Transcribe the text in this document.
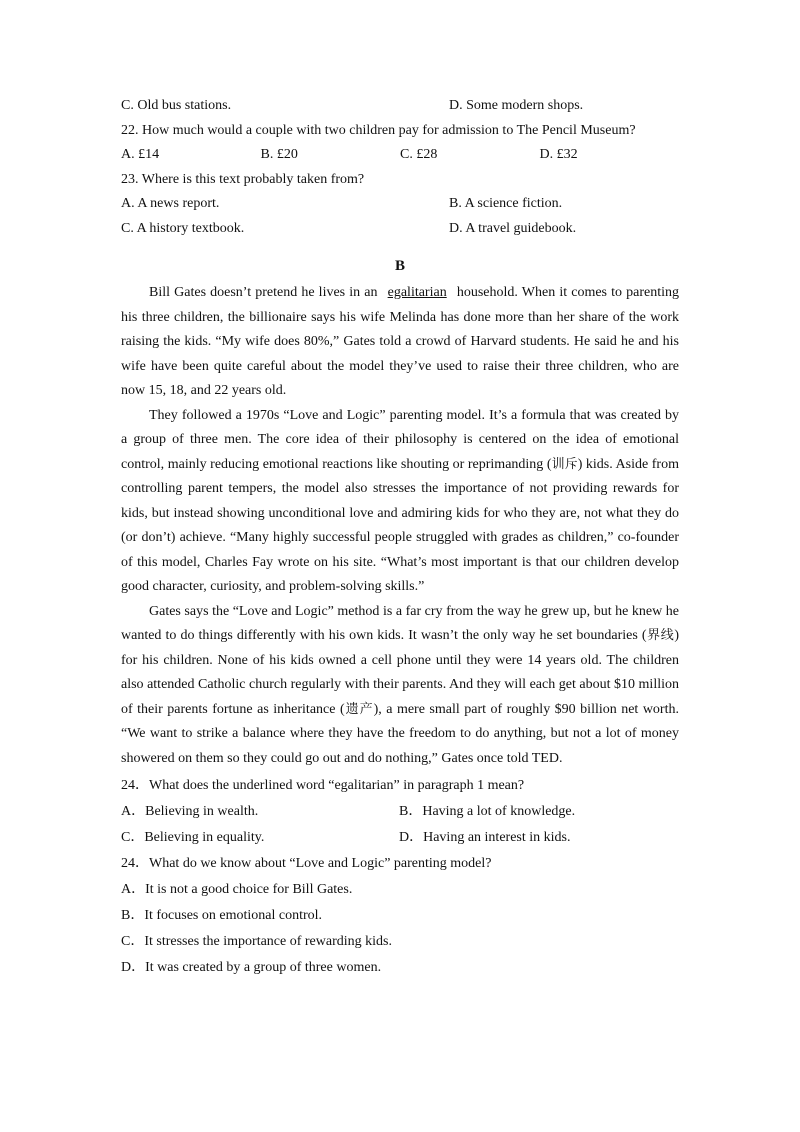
C. Old bus stations.	D. Some modern shops.
22. How much would a couple with two children pay for admission to The Pencil Museum?
A. £14	B. £20	C. £28	D. £32
23. Where is this text probably taken from?
A. A news report.	B. A science fiction.
C. A history textbook.	D. A travel guidebook.
B

Bill Gates doesn’t pretend he lives in an egalitarian household. When it comes to parenting his three children, the billionaire says his wife Melinda has done more than her share of the work raising the kids. “My wife does 80%,” Gates told a crowd of Harvard students. He said he and his wife have been quite careful about the model they’ve used to raise their three children, who are now 15, 18, and 22 years old.

They followed a 1970s “Love and Logic” parenting model. It’s a formula that was created by a group of three men. The core idea of their philosophy is centered on the idea of emotional control, mainly reducing emotional reactions like shouting or reprimanding (训斥) kids. Aside from controlling parent tempers, the model also stresses the importance of not providing rewards for kids, but instead showing unconditional love and admiring kids for who they are, not what they do (or don’t) achieve. “Many highly successful people struggled with grades as children,” co-founder of this model, Charles Fay wrote on his site. “What’s most important is that our children develop good character, curiosity, and problem-solving skills.”

Gates says the “Love and Logic” method is a far cry from the way he grew up, but he knew he wanted to do things differently with his own kids. It wasn’t the only way he set boundaries (界线) for his children. None of his kids owned a cell phone until they were 14 years old. The children also attended Catholic church regularly with their parents. And they will each get about $10 million of their parents fortune as inheritance (遗产), a mere small part of roughly $90 billion net worth. “We want to strike a balance where they have the freedom to do anything, but not a lot of money showered on them so they could go out and do nothing,” Gates once told TED.

24．What does the underlined word “egalitarian” in paragraph 1 mean?
A．Believing in wealth.	B．Having a lot of knowledge.
C．Believing in equality.	D．Having an interest in kids.
24．What do we know about “Love and Logic” parenting model?
A．It is not a good choice for Bill Gates.
B．It focuses on emotional control.
C．It stresses the importance of rewarding kids.
D．It was created by a group of three women.
